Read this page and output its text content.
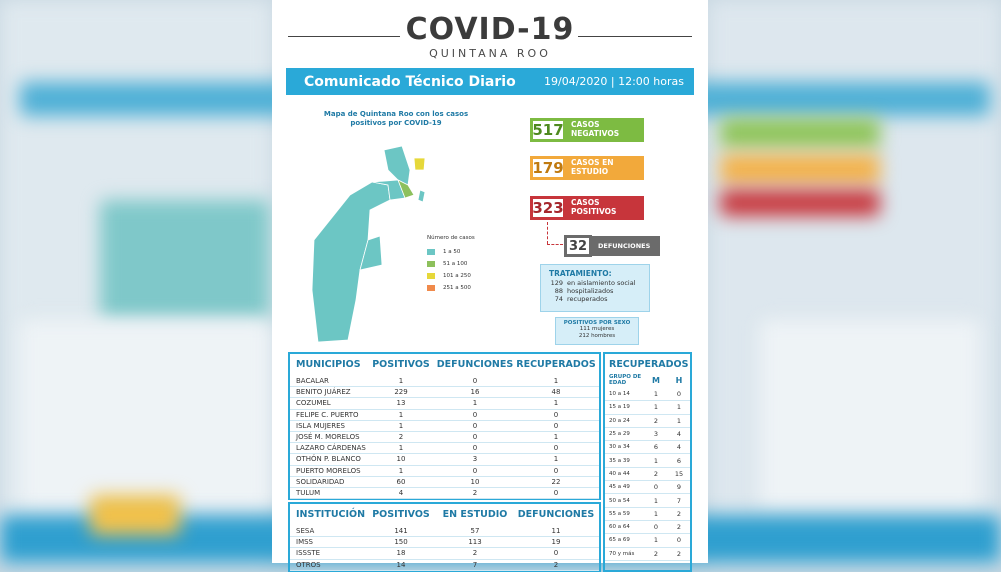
COVID-19
QUINTANA ROO
Comunicado Técnico Diario	19/04/2020 | 12:00 horas
Mapa de Quintana Roo con los casos positivos por COVID-19
Número de casos
1 a 50
51 a 100
101 a 250
251 a 500
517 CASOS NEGATIVOS
179 CASOS EN ESTUDIO
323 CASOS POSITIVOS
32	DEFUNCIONES
TRATAMIENTO:
129 en aislamiento social
88 hospitalizados
74 recuperados
POSITIVOS POR SEXO
111 mujeres
212 hombres
MUNICIPIOS	POSITIVOS DEFUNCIONES RECUPERADOS
BACALAR	1	0	1
BENITO JUÁREZ	229	16	48
COZUMEL	13	1	1
FELIPE C. PUERTO	1	0	0
ISLA MUJERES	1	0	0
JOSÉ M. MORELOS	2	0	1
LAZARO CÁRDENAS	1	0	0
OTHÓN P. BLANCO	10	3	1
PUERTO MORELOS	1	0	0
SOLIDARIDAD	60	10	22
TULUM	4	2	0
INSTITUCIÓN POSITIVOS	EN ESTUDIO	DEFUNCIONES
SESA	141	57	11
IMSS	150	113	19
ISSSTE	18	2	0
OTROS	14	7	2
RECUPERADOS
GRUPO DE EDAD	M	H
10 a 14	1	0
15 a 19	1	1
20 a 24	2	1
25 a 29	3	4
30 a 34	6	4
35 a 39	1	6
40 a 44	2	15
45 a 49	0	9
50 a 54	1	7
55 a 59	1	2
60 a 64	0	2
65 a 69	1	0
70 y más	2	2
